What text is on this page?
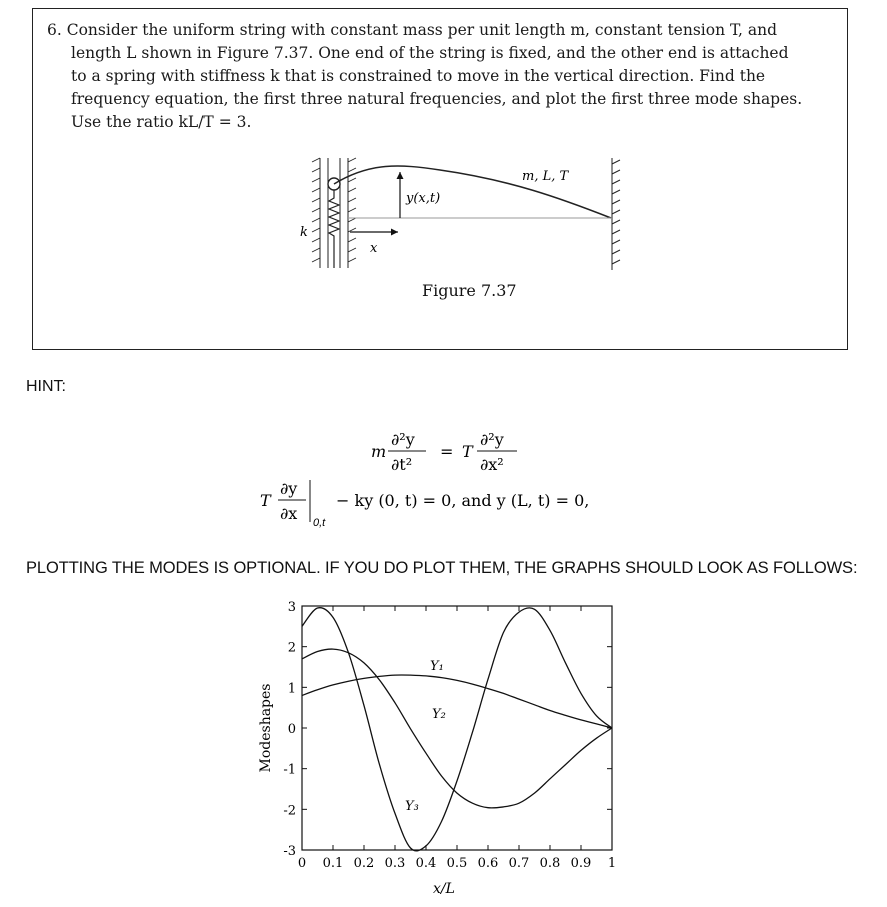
6. Consider the uniform string with constant mass per unit length m, constant tension T, and
length L shown in Figure 7.37. One end of the string is fixed, and the other end is attached
to a spring with stiffness k that is constrained to move in the vertical direction. Find the
frequency equation, the first three natural frequencies, and plot the first three mode shapes.
Use the ratio kL/T = 3.
y(x,t)
m, L, T
k
x
Figure 7.37
HINT:
m
∂²y
∂t²
= T
∂²y
∂x²
T
∂y
∂x 0,t
− ky (0, t) = 0, and y (L, t) = 0,
PLOTTING THE MODES IS OPTIONAL. IF YOU DO PLOT THEM, THE GRAPHS SHOULD LOOK AS FOLLOWS:
3
2
1
0
-1
-2
-3
0 0.1 0.2 0.3 0.4 0.5 0.6 0.7 0.8 0.9 1
Modeshapes
x/L
Y₁
Y₂
Y₃
